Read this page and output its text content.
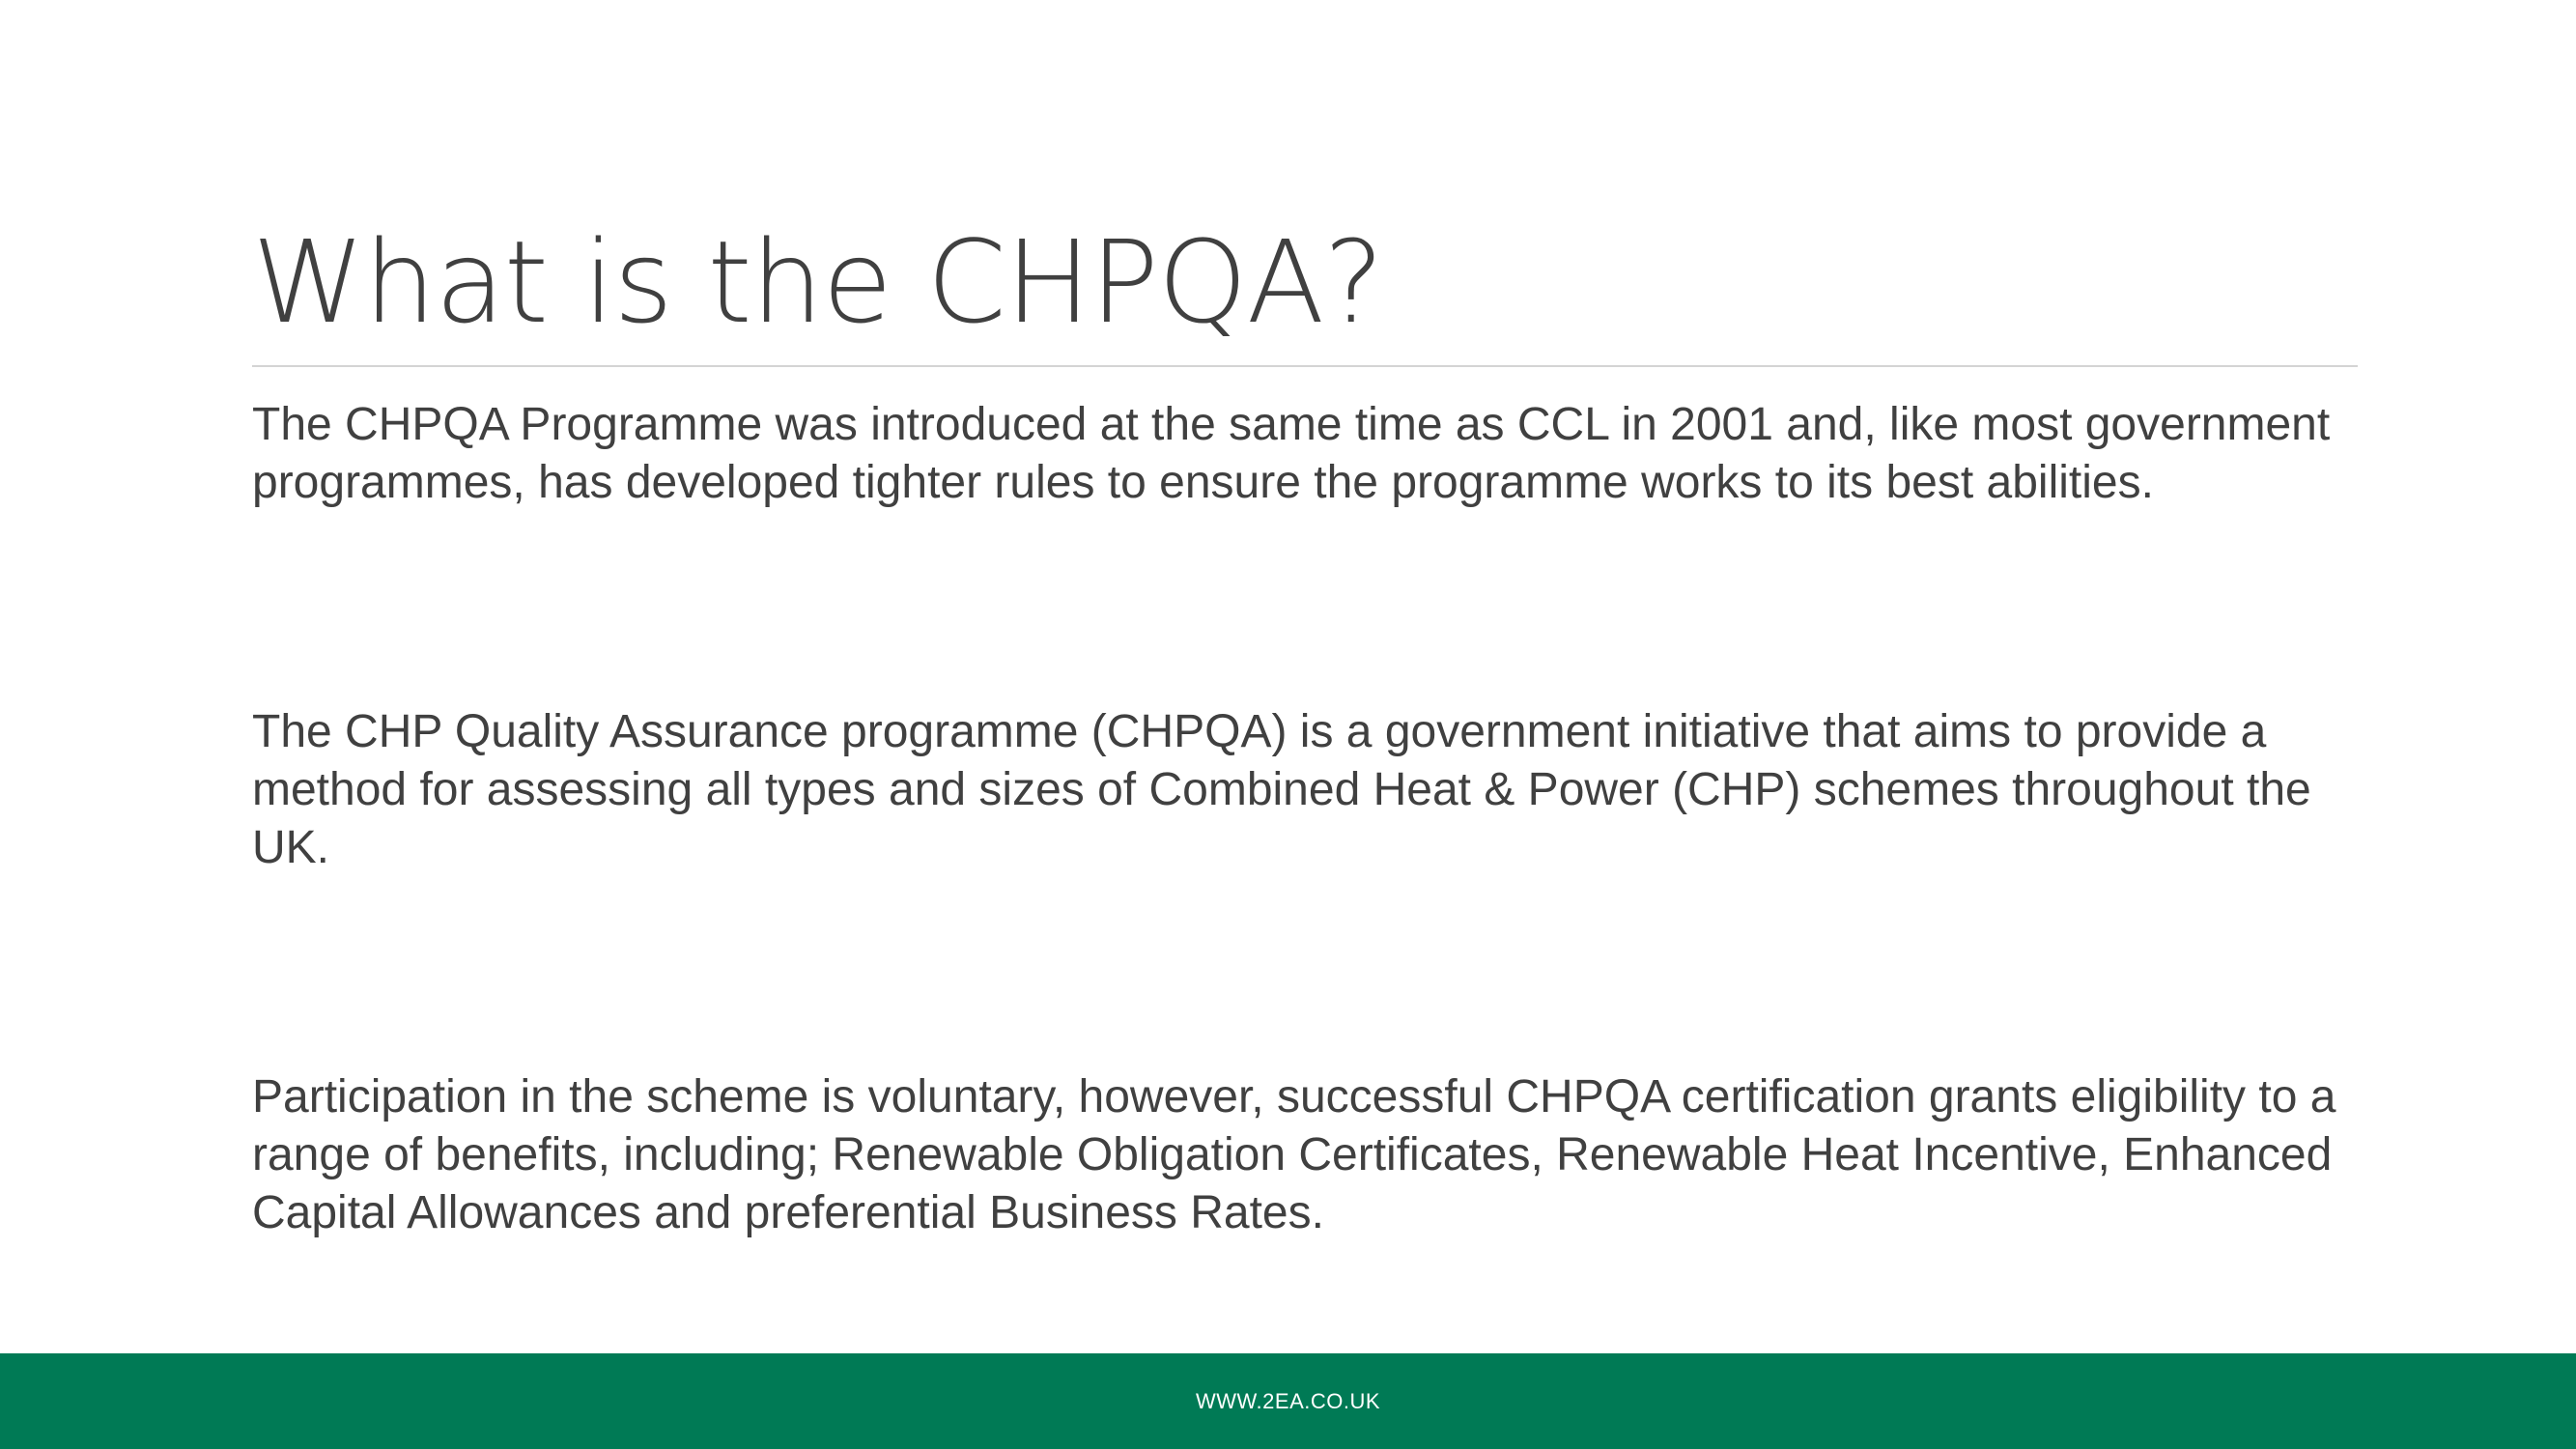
What is the CHPQA?

The CHPQA Programme was introduced at the same time as CCL in 2001 and, like most government programmes, has developed tighter rules to ensure the programme works to its best abilities.

The CHP Quality Assurance programme (CHPQA) is a government initiative that aims to provide a method for assessing all types and sizes of Combined Heat & Power (CHP) schemes throughout the UK.

Participation in the scheme is voluntary, however, successful CHPQA certification grants eligibility to a range of benefits, including; Renewable Obligation Certificates, Renewable Heat Incentive, Enhanced Capital Allowances and preferential Business Rates.

WWW.2EA.CO.UK
